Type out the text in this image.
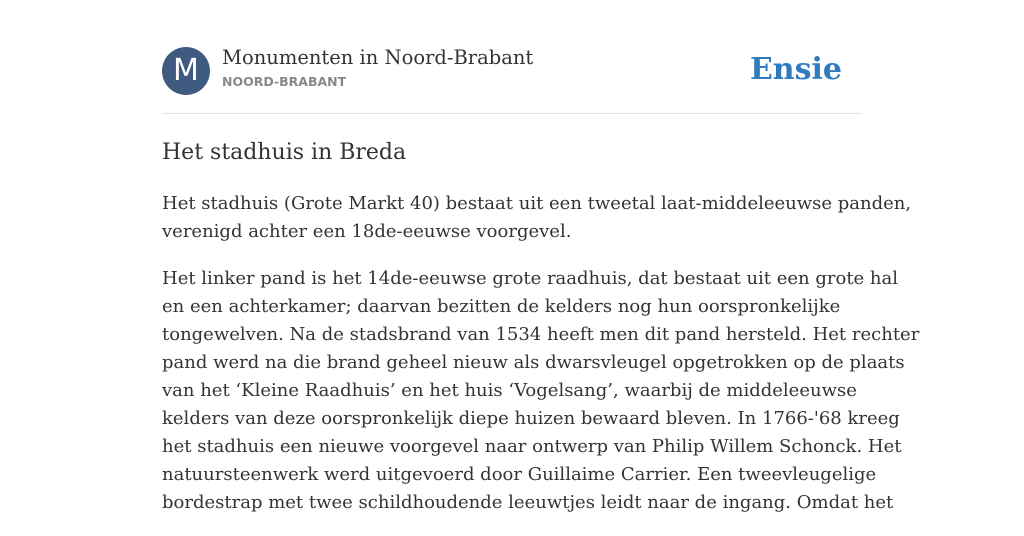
M	Monumenten in Noord-Brabant
NOORD-BRABANT	Ensie
Het stadhuis in Breda

Het stadhuis (Grote Markt 40) bestaat uit een tweetal laat-middeleeuwse panden,
verenigd achter een 18de-eeuwse voorgevel.

Het linker pand is het 14de-eeuwse grote raadhuis, dat bestaat uit een grote hal
en een achterkamer; daarvan bezitten de kelders nog hun oorspronkelijke
tongewelven. Na de stadsbrand van 1534 heeft men dit pand hersteld. Het rechter
pand werd na die brand geheel nieuw als dwarsvleugel opgetrokken op de plaats
van het ‘Kleine Raadhuis’ en het huis ‘Vogelsang’, waarbij de middeleeuwse
kelders van deze oorspronkelijk diepe huizen bewaard bleven. In 1766-'68 kreeg
het stadhuis een nieuwe voorgevel naar ontwerp van Philip Willem Schonck. Het
natuursteenwerk werd uitgevoerd door Guillaime Carrier. Een tweevleugelige
bordestrap met twee schildhoudende leeuwtjes leidt naar de ingang. Omdat het
